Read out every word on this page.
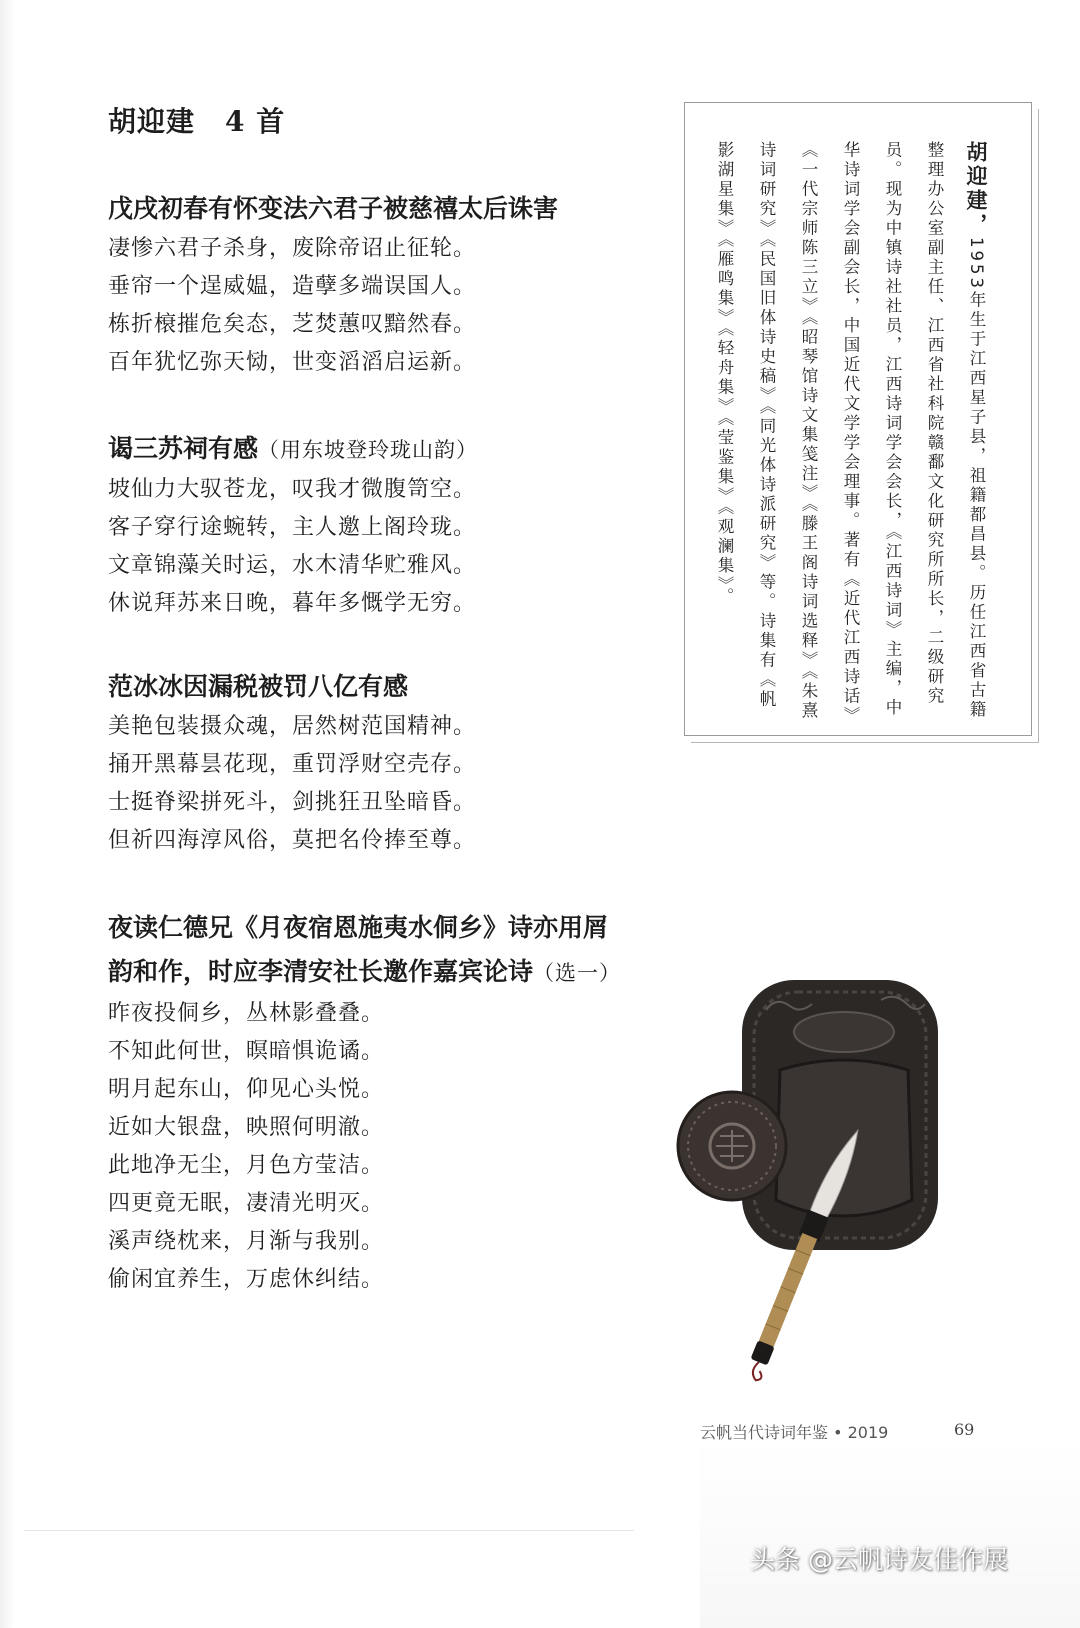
胡迎建 4 首

戊戌初春有怀变法六君子被慈禧太后诛害

凄惨六君子杀身，废除帝诏止征轮。

垂帘一个逞威媪，造孽多端误国人。

栋折榱摧危矣态，芝焚蕙叹黯然春。

百年犹忆弥天恸，世变滔滔启运新。

谒三苏祠有感（用东坡登玲珑山韵）

坡仙力大驭苍龙，叹我才微腹笥空。

客子穿行途蜿转，主人邀上阁玲珑。

文章锦藻关时运，水木清华贮雅风。

休说拜苏来日晚，暮年多慨学无穷。

范冰冰因漏税被罚八亿有感

美艳包装摄众魂，居然树范国精神。

捅开黑幕昙花现，重罚浮财空壳存。

士挺脊梁拼死斗，剑挑狂丑坠暗昏。

但祈四海淳风俗，莫把名伶捧至尊。

夜读仁德兄《月夜宿恩施夷水侗乡》诗亦用屑

韵和作，时应李清安社长邀作嘉宾论诗（选一）

昨夜投侗乡，丛林影叠叠。

不知此何世，暝暗惧诡谲。

明月起东山，仰见心头悦。

近如大银盘，映照何明澈。

此地净无尘，月色方莹洁。

四更竟无眠，凄清光明灭。

溪声绕枕来，月渐与我别。

偷闲宜养生，万虑休纠结。

胡迎建，1953年生于江西星子县，祖籍都昌县。历任江西省古籍整理办公室副主任、江西省社科院赣鄱文化研究所所长，二级研究员。现为中镇诗社社员，江西诗词学会会长，《江西诗词》主编，中华诗词学会副会长，中国近代文学学会理事。著有《近代江西诗话》《一代宗师陈三立》《昭琴馆诗文集笺注》《滕王阁诗词选释》《朱熹诗词研究》《民国旧体诗史稿》《同光体诗派研究》等。诗集有《帆影湖星集》《雁鸣集》《轻舟集》《莹鉴集》《观澜集》。
云帆当代诗词年鉴 • 2019	69
头条 @云帆诗友佳作展
